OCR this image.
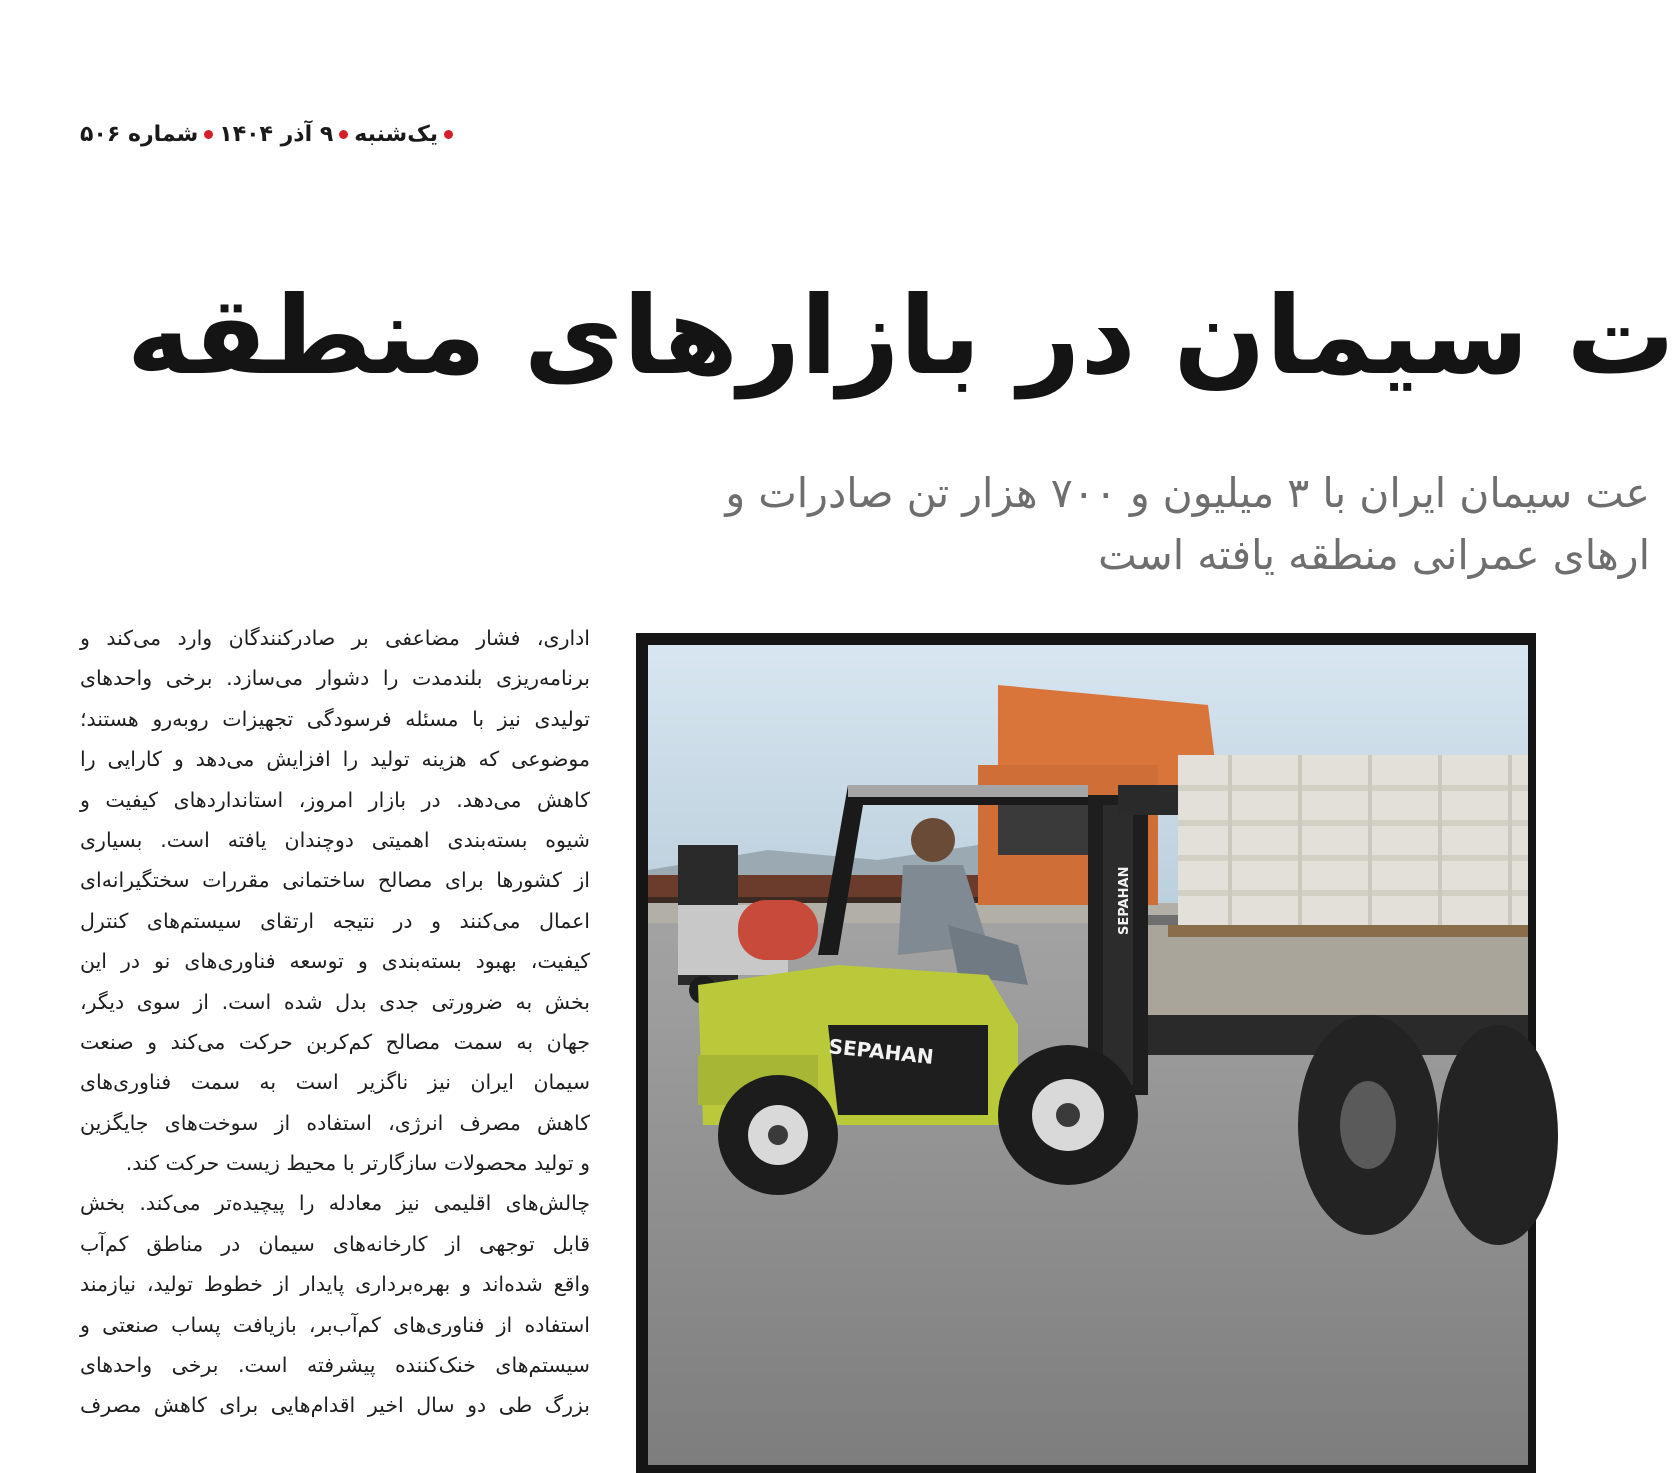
یک‌شنبه
۹ آذر ۱۴۰۴
شماره ۵۰۶
ت سیمان در بازارهای منطقه
عت سیمان ایران با ۳ میلیون و ۷۰۰ هزار تن صادرات و
ارهای عمرانی منطقه یافته است
اداری، فشار مضاعفی بر صادرکنندگان وارد می‌کند و
برنامه‌ریزی بلندمدت را دشوار می‌سازد. برخی واحدهای
تولیدی نیز با مسئله فرسودگی تجهیزات روبه‌رو هستند؛
موضوعی که هزینه تولید را افزایش می‌دهد و کارایی را
کاهش می‌دهد. در بازار امروز، استانداردهای کیفیت و
شیوه بسته‌بندی اهمیتی دوچندان یافته است. بسیاری
از کشورها برای مصالح ساختمانی مقررات سختگیرانه‌ای
اعمال می‌کنند و در نتیجه ارتقای سیستم‌های کنترل
کیفیت، بهبود بسته‌بندی و توسعه فناوری‌های نو در این
بخش به ضرورتی جدی بدل شده است. از سوی دیگر،
جهان به سمت مصالح کم‌کربن حرکت می‌کند و صنعت
سیمان ایران نیز ناگزیر است به سمت فناوری‌های
کاهش مصرف انرژی، استفاده از سوخت‌های جایگزین
و تولید محصولات سازگارتر با محیط زیست حرکت کند.
چالش‌های اقلیمی نیز معادله را پیچیده‌تر می‌کند. بخش
قابل توجهی از کارخانه‌های سیمان در مناطق کم‌آب
واقع شده‌اند و بهره‌برداری پایدار از خطوط تولید، نیازمند
استفاده از فناوری‌های کم‌آب‌بر، بازیافت پساب صنعتی و
سیستم‌های خنک‌کننده پیشرفته است. برخی واحدهای
بزرگ طی دو سال اخیر اقدام‌هایی برای کاهش مصرف
SEPAHAN
SEPAHAN
